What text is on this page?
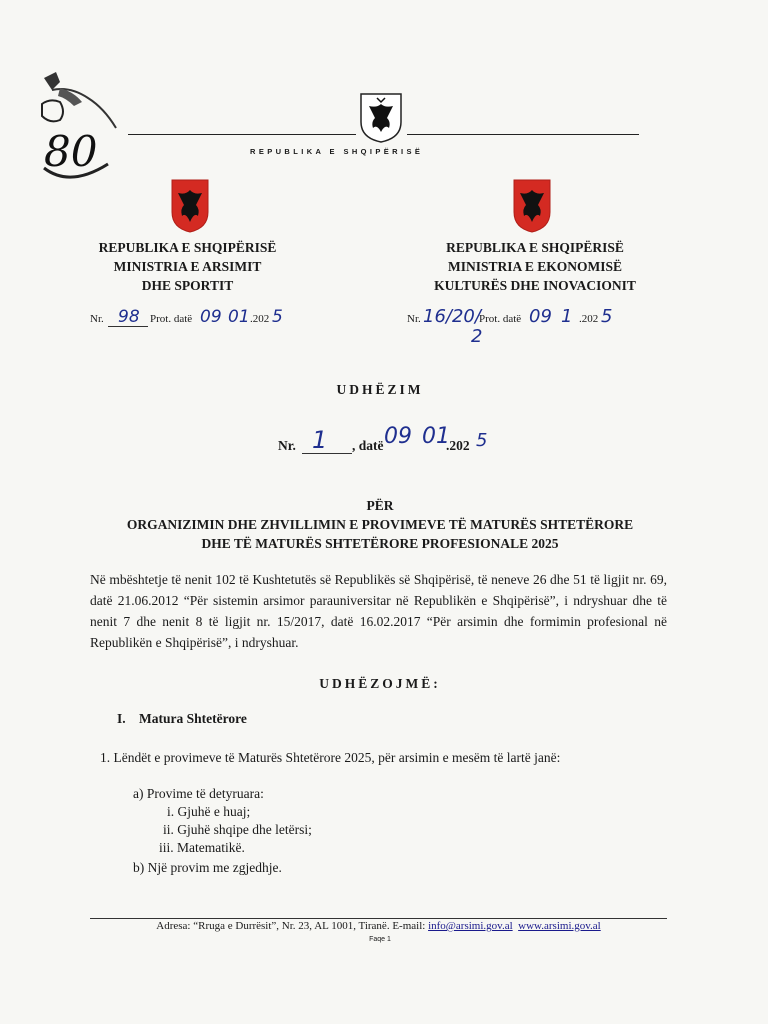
80	REPUBLIKA E SHQIPËRISË
REPUBLIKA E SHQIPËRISË
MINISTRIA E ARSIMIT
DHE SPORTIT
Nr. 98 Prot. datë 09 01 .202 5
REPUBLIKA E SHQIPËRISË
MINISTRIA E EKONOMISË
KULTURËS DHE INOVACIONIT
Nr. 16/20/
2
Prot. datë 09 1 .202 5
UDHËZIM
Nr. 1 , datë 09 01
.202 5
PËR
ORGANIZIMIN DHE ZHVILLIMIN E PROVIMEVE TË MATURËS SHTETËRORE
DHE TË MATURËS SHTETËRORE PROFESIONALE 2025
Në mbështetje të nenit 102 të Kushtetutës së Republikës së Shqipërisë, të neneve 26 dhe 51 të ligjit nr. 69, datë 21.06.2012 “Për sistemin arsimor parauniversitar në Republikën e Shqipërisë”, i ndryshuar dhe të nenit 7 dhe nenit 8 të ligjit nr. 15/2017, datë 16.02.2017 “Për arsimin dhe formimin profesional në Republikën e Shqipërisë”, i ndryshuar.
UDHËZOJMË:
I. Matura Shtetërore
1. Lëndët e provimeve të Maturës Shtetërore 2025, për arsimin e mesëm të lartë janë:
a) Provime të detyruara:
i. Gjuhë e huaj;
ii. Gjuhë shqipe dhe letërsi;
iii. Matematikë.
b) Një provim me zgjedhje.
Adresa: “Rruga e Durrësit”, Nr. 23, AL 1001, Tiranë. E-mail: info@arsimi.gov.al www.arsimi.gov.al
Faqe 1
